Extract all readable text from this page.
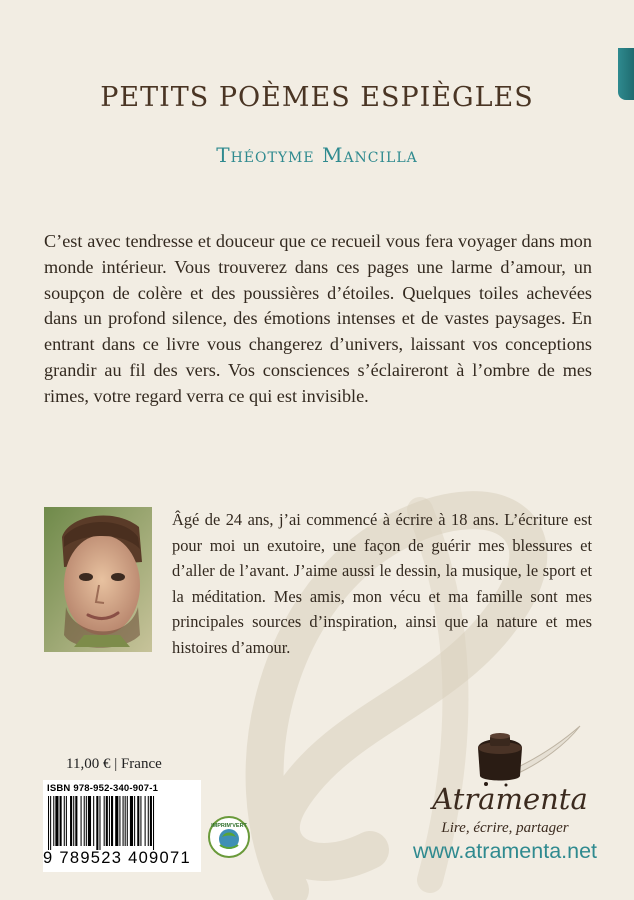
PETITS POÈMES ESPIÈGLES
Théotyme Mancilla

C’est avec tendresse et douceur que ce recueil vous fera voyager dans mon monde intérieur. Vous trouverez dans ces pages une larme d’amour, un soupçon de colère et des poussières d’étoiles. Quelques toiles achevées dans un profond silence, des émotions intenses et de vastes paysages. En entrant dans ce livre vous changerez d’univers, laissant vos conceptions grandir au fil des vers. Vos consciences s’éclaireront à l’ombre de mes rimes, votre regard verra ce qui est invisible.

Âgé de 24 ans, j’ai commencé à écrire à 18 ans. L’écriture est pour moi un exutoire, une façon de guérir mes blessures et d’aller de l’avant. J’aime aussi le dessin, la musique, le sport et la méditation. Mes amis, mon vécu et ma famille sont mes principales sources d’inspiration, ainsi que la nature et mes histoires d’amour.

11,00 € | France
ISBN 978-952-340-907-1
9 789523 409071
IMPRIM'VERT
Atramenta
Lire, écrire, partager
www.atramenta.net
